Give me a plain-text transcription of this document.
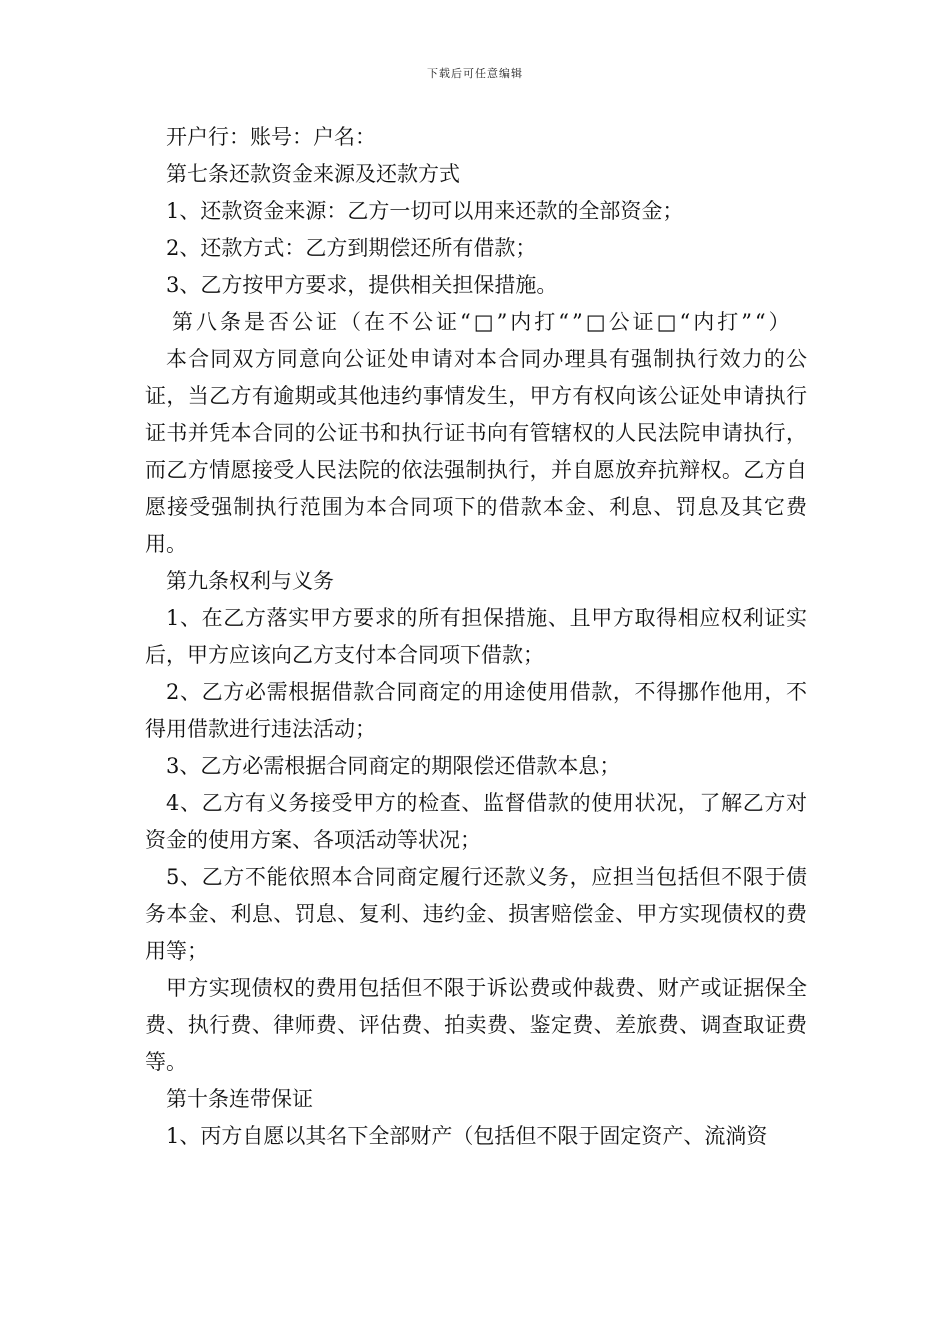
下载后可任意编辑

开户行：账号：户名：

第七条还款资金来源及还款方式

1、还款资金来源：乙方一切可以用来还款的全部资金；

2、还款方式：乙方到期偿还所有借款；

3、乙方按甲方要求，提供相关担保措施。

第八条是否公证（在不公证“□”内打“”□公证□“内打”“）

本合同双方同意向公证处申请对本合同办理具有强制执行效力的公证，当乙方有逾期或其他违约事情发生，甲方有权向该公证处申请执行证书并凭本合同的公证书和执行证书向有管辖权的人民法院申请执行，而乙方情愿接受人民法院的依法强制执行，并自愿放弃抗辩权。乙方自愿接受强制执行范围为本合同项下的借款本金、利息、罚息及其它费用。

第九条权利与义务

1、在乙方落实甲方要求的所有担保措施、且甲方取得相应权利证实后，甲方应该向乙方支付本合同项下借款；

2、乙方必需根据借款合同商定的用途使用借款，不得挪作他用，不得用借款进行违法活动；

3、乙方必需根据合同商定的期限偿还借款本息；

4、乙方有义务接受甲方的检查、监督借款的使用状况，了解乙方对资金的使用方案、各项活动等状况；

5、乙方不能依照本合同商定履行还款义务，应担当包括但不限于债务本金、利息、罚息、复利、违约金、损害赔偿金、甲方实现债权的费用等；

甲方实现债权的费用包括但不限于诉讼费或仲裁费、财产或证据保全费、执行费、律师费、评估费、拍卖费、鉴定费、差旅费、调查取证费等。

第十条连带保证

1、丙方自愿以其名下全部财产（包括但不限于固定资产、流淌资
